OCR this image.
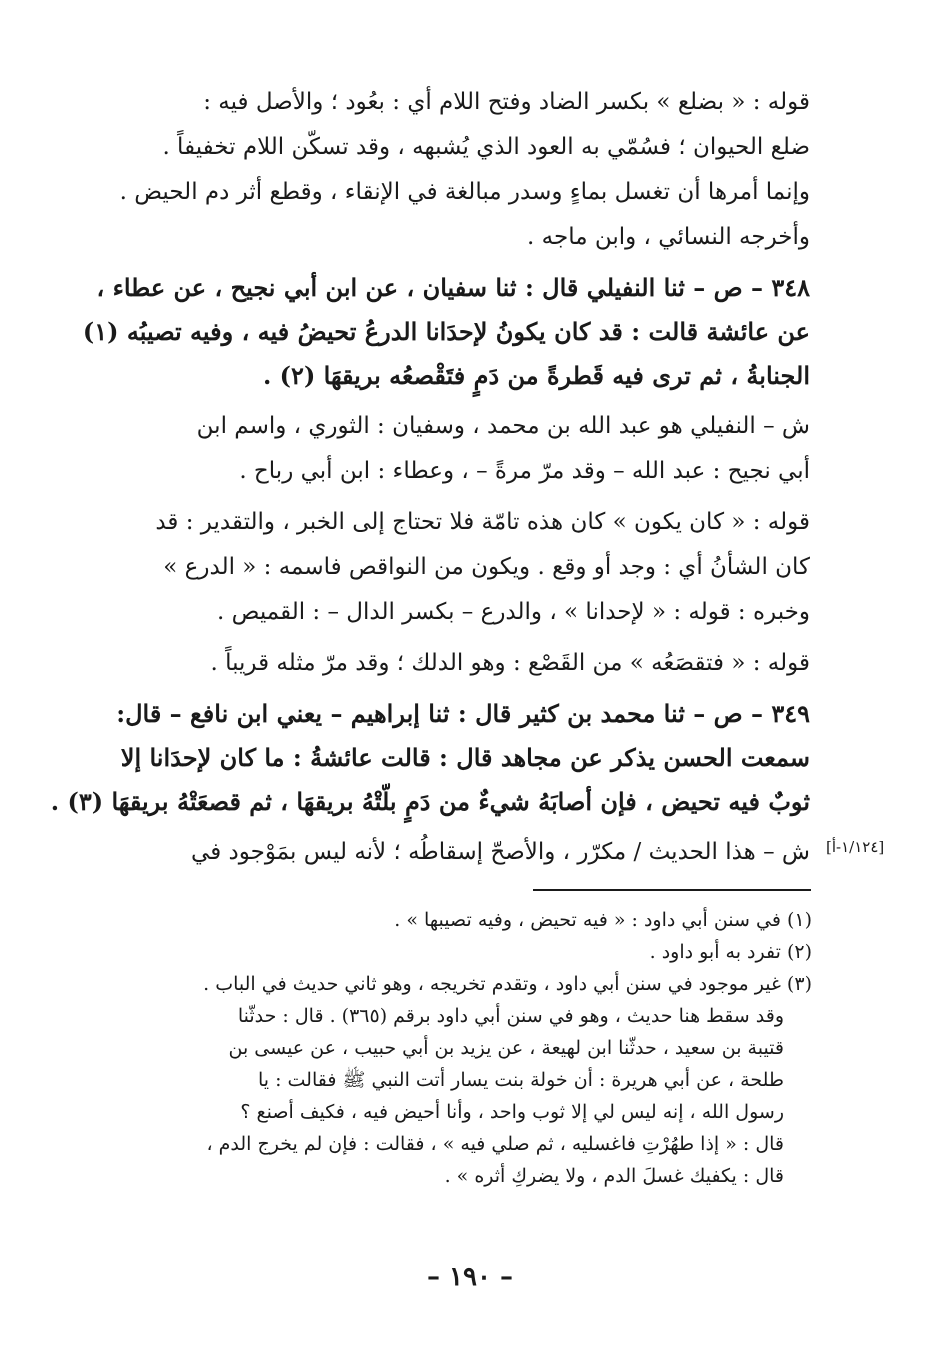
قوله : « بضلع » بكسر الضاد وفتح اللام أي : بعُود ؛ والأصل فيه :
ضلع الحيوان ؛ فسُمّي به العود الذي يُشبهه ، وقد تسكّن اللام تخفيفاً .
وإنما أمرها أن تغسل بماءٍ وسدر مبالغة في الإنقاء ، وقطع أثر دم الحيض .
وأخرجه النسائي ، وابن ماجه .

٣٤٨ – ص – ثنا النفيلي قال : ثنا سفيان ، عن ابن أبي نجيح ، عن عطاء ،
عن عائشة قالت : قد كان يكونُ لإحدَانا الدرعُ تحيضُ فيه ، وفيه تصيبُه (١)
الجنابةُ ، ثم ترى فيه قَطرةً من دَمٍ فتَقْصعُه بريقهَا (٢) .

ش – النفيلي هو عبد الله بن محمد ، وسفيان : الثوري ، واسم ابن
أبي نجيح : عبد الله – وقد مرّ مرةً – ، وعطاء : ابن أبي رباح .

قوله : « كان يكون » كان هذه تامّة فلا تحتاج إلى الخبر ، والتقدير : قد
كان الشأنُ أي : وجد أو وقع . ويكون من النواقص فاسمه : « الدرع »
وخبره : قوله : « لإحدانا » ، والدرع – بكسر الدال – : القميص .

قوله : « فتقصَعُه » من القَصْع : وهو الدلك ؛ وقد مرّ مثله قريباً .

٣٤٩ – ص – ثنا محمد بن كثير قال : ثنا إبراهيم – يعني ابن نافع – قال:
سمعت الحسن يذكر عن مجاهد قال : قالت عائشةُ : ما كان لإحدَانا إلا
ثوبٌ فيه تحيض ، فإن أصابَهُ شيءٌ من دَمٍ بلّتْهُ بريقهَا ، ثم قصعَتْهُ بريقهَا (٣) .

ش – هذا الحديث / مكرّر ، والأصحّ إسقاطُه ؛ لأنه ليس بمَوْجود في [١/١٢٤-أ]

(١) في سنن أبي داود : « فيه تحيض ، وفيه تصيبها » .

(٢) تفرد به أبو داود .

(٣) غير موجود في سنن أبي داود ، وتقدم تخريجه ، وهو ثاني حديث في الباب .
وقد سقط هنا حديث ، وهو في سنن أبي داود برقم (٣٦٥) . قال : حدثّنا
قتيبة بن سعيد ، حدثّنا ابن لهيعة ، عن يزيد بن أبي حبيب ، عن عيسى بن
طلحة ، عن أبي هريرة : أن خولة بنت يسار أتت النبي ﷺ فقالت : يا
رسول الله ، إنه ليس لي إلا ثوب واحد ، وأنا أحيض فيه ، فكيف أصنع ؟
قال : « إذا طهُرْتِ فاغسليه ، ثم صلي فيه » ، فقالت : فإن لم يخرج الدم ،
قال : يكفيك غسلَ الدم ، ولا يضركِ أثره » .

– ١٩٠ –
